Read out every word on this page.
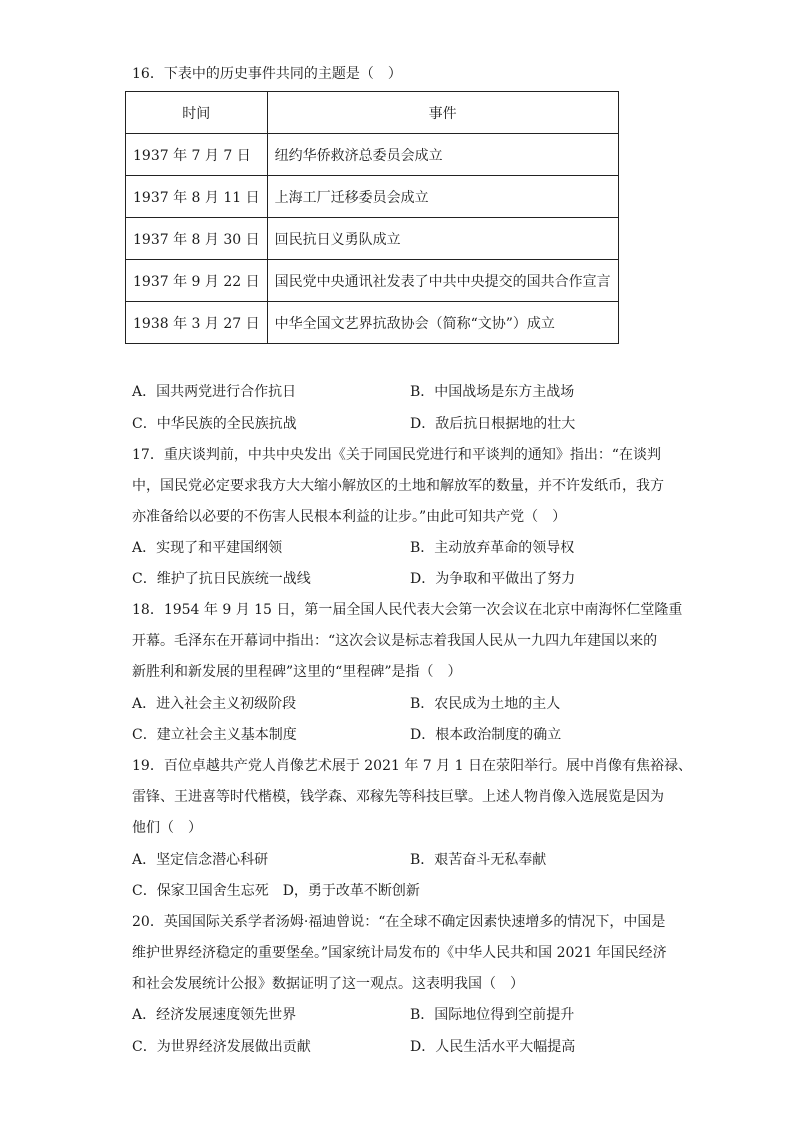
16．下表中的历史事件共同的主题是（　）
时间	事件
1937 年 7 月 7 日	纽约华侨救济总委员会成立
1937 年 8 月 11 日	上海工厂迁移委员会成立
1937 年 8 月 30 日	回民抗日义勇队成立
1937 年 9 月 22 日	国民党中央通讯社发表了中共中央提交的国共合作宣言
1938 年 3 月 27 日	中华全国文艺界抗敌协会（简称“文协”）成立
A．国共两党进行合作抗日	B．中国战场是东方主战场
C．中华民族的全民族抗战	D．敌后抗日根据地的壮大
17．重庆谈判前，中共中央发出《关于同国民党进行和平谈判的通知》指出：“在谈判
中，国民党必定要求我方大大缩小解放区的土地和解放军的数量，并不许发纸币，我方
亦准备给以必要的不伤害人民根本利益的让步。”由此可知共产党（　）
A．实现了和平建国纲领	B．主动放弃革命的领导权
C．维护了抗日民族统一战线	D．为争取和平做出了努力
18．1954 年 9 月 15 日，第一届全国人民代表大会第一次会议在北京中南海怀仁堂隆重
开幕。毛泽东在开幕词中指出：“这次会议是标志着我国人民从一九四九年建国以来的
新胜利和新发展的里程碑”这里的“里程碑”是指（　）
A．进入社会主义初级阶段	B．农民成为土地的主人
C．建立社会主义基本制度	D．根本政治制度的确立
19．百位卓越共产党人肖像艺术展于 2021 年 7 月 1 日在荥阳举行。展中肖像有焦裕禄、
雷锋、王进喜等时代楷模，钱学森、邓稼先等科技巨擘。上述人物肖像入选展览是因为
他们（　）
A．坚定信念潜心科研	B．艰苦奋斗无私奉献
C．保家卫国舍生忘死　D，勇于改革不断创新
20．英国国际关系学者汤姆·福迪曾说：“在全球不确定因素快速增多的情况下，中国是
维护世界经济稳定的重要堡垒。”国家统计局发布的《中华人民共和国 2021 年国民经济
和社会发展统计公报》数据证明了这一观点。这表明我国（　）
A．经济发展速度领先世界	B．国际地位得到空前提升
C．为世界经济发展做出贡献	D．人民生活水平大幅提高
